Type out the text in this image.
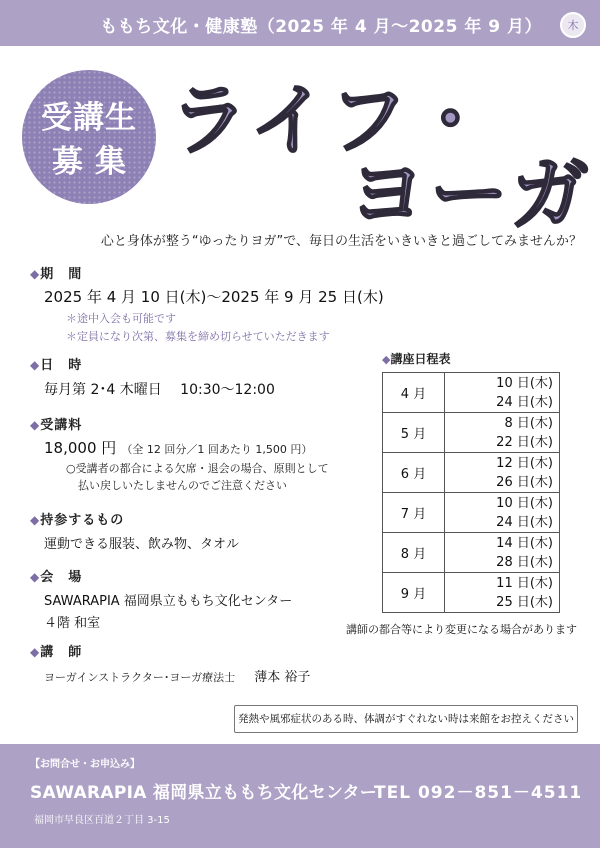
ももち文化・健康塾（2025 年 4 月〜2025 年 9 月）	木
受講生
募集 ライフ・
ヨーガ
心と身体が整う“ゆったりヨガ”で、毎日の生活をいきいきと過ごしてみませんか？
◆期　間
2025 年 4 月 10 日(木)〜2025 年 9 月 25 日(木)
＊途中入会も可能です
＊定員になり次第、募集を締め切らせていただきます
◆日　時
毎月第 2･4 木曜日　 10:30〜12:00
◆受講料
18,000 円 （全 12 回分／1 回あたり 1,500 円）
○受講者の都合による欠席・退会の場合、原則として
払い戻しいたしませんのでご注意ください
◆持参するもの
運動できる服装、飲み物、タオル
◆会　場
SAWARAPIA 福岡県立ももち文化センター
４階 和室
◆講　師
ヨーガインストラクター･ヨーガ療法士 薄本 裕子
◆講座日程表
4 月	10 日(木)
24 日(木)

5 月	8 日(木)
22 日(木)

6 月	12 日(木)
26 日(木)

7 月	10 日(木)
24 日(木)

8 月	14 日(木)
28 日(木)

9 月	11 日(木)
25 日(木)
講師の都合等により変更になる場合があります
発熱や風邪症状のある時、体調がすぐれない時は来館をお控えください
【お問合せ・お申込み】
SAWARAPIA 福岡県立ももち文化センター
TEL 092－851－4511
福岡市早良区百道２丁目 3-15
